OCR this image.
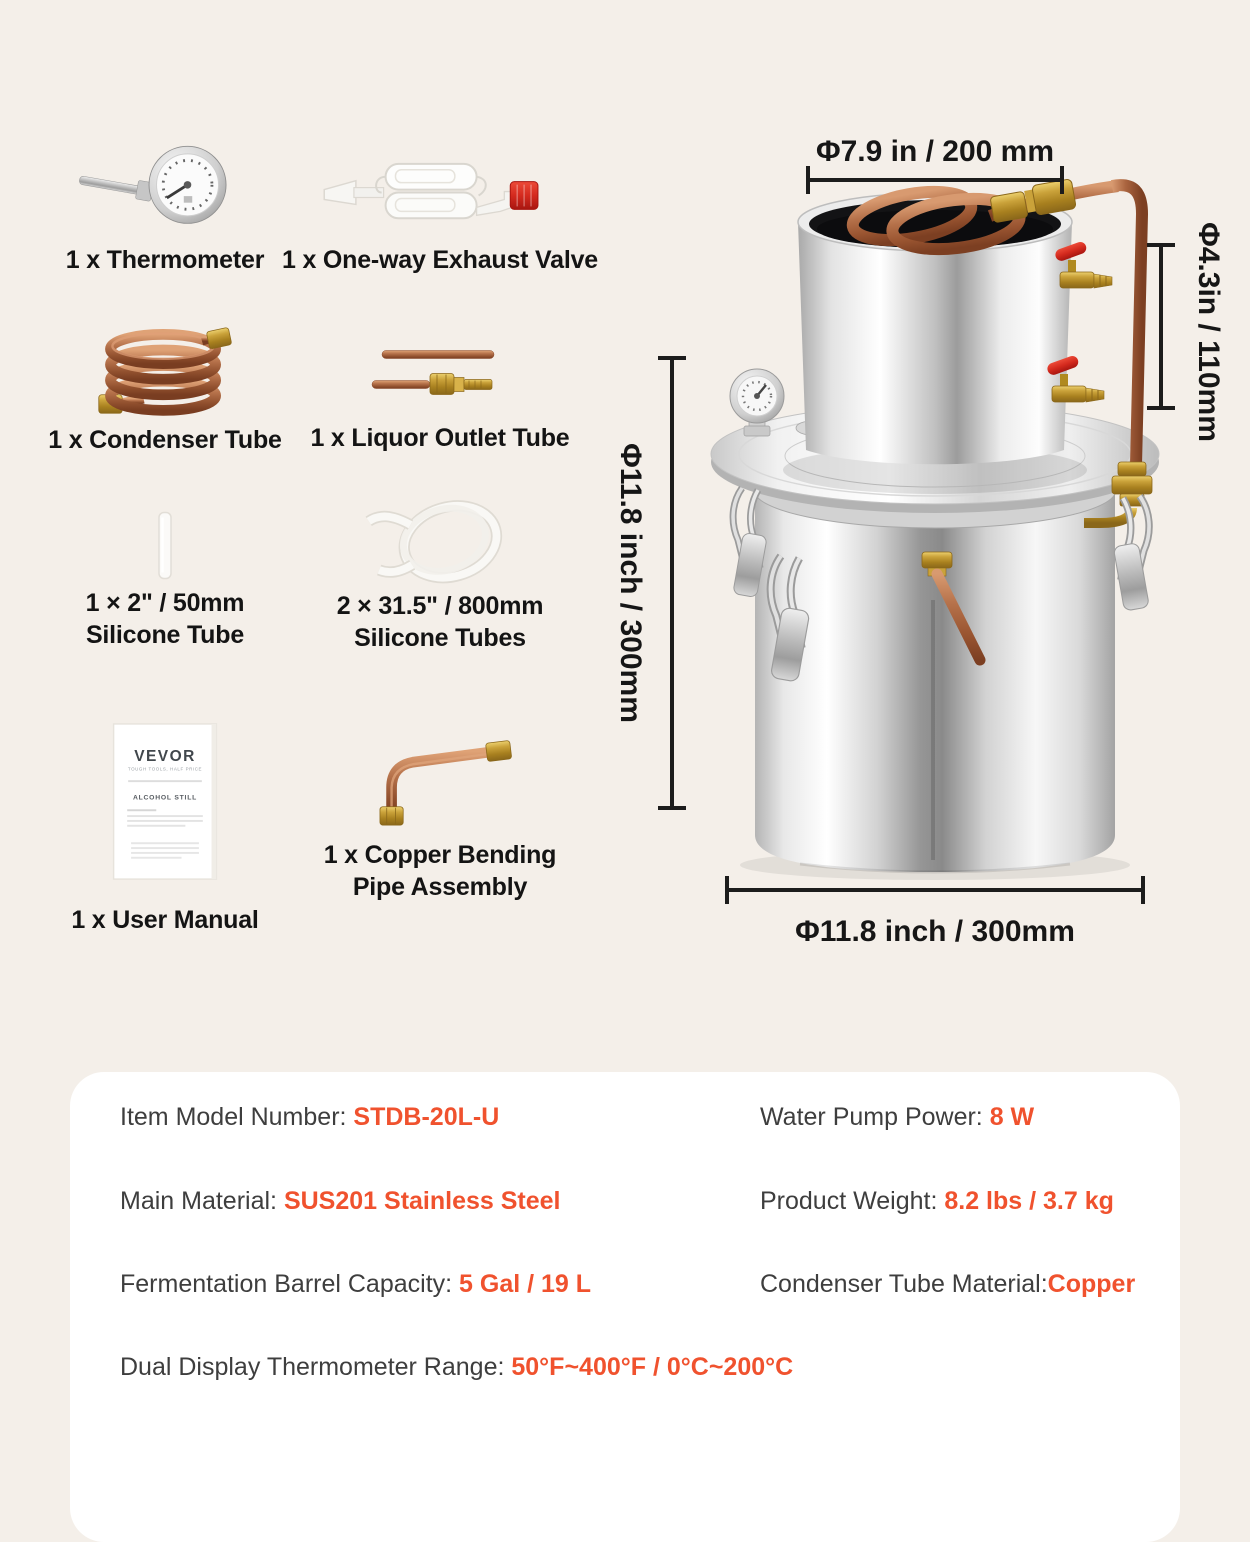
1 x Thermometer 1 x One-way Exhaust Valve
1 x Condenser Tube 1 x Liquor Outlet Tube
1 × 2" / 50mm
Silicone Tube
2 × 31.5" / 800mm
Silicone Tubes
VEVOR
TOUGH TOOLS, HALF PRICE
ALCOHOL STILL
1 x User Manual
1 x Copper Bending
Pipe Assembly
Φ7.9 in / 200 mm
Φ4.3in / 110mm
Φ11.8 inch / 300mm
Φ11.8 inch / 300mm
Item Model Number: STDB-20L-U	Water Pump Power: 8 W
Main Material: SUS201 Stainless Steel	Product Weight: 8.2 lbs / 3.7 kg
Fermentation Barrel Capacity: 5 Gal / 19 L	Condenser Tube Material:Copper
Dual Display Thermometer Range: 50°F~400°F / 0°C~200°C
